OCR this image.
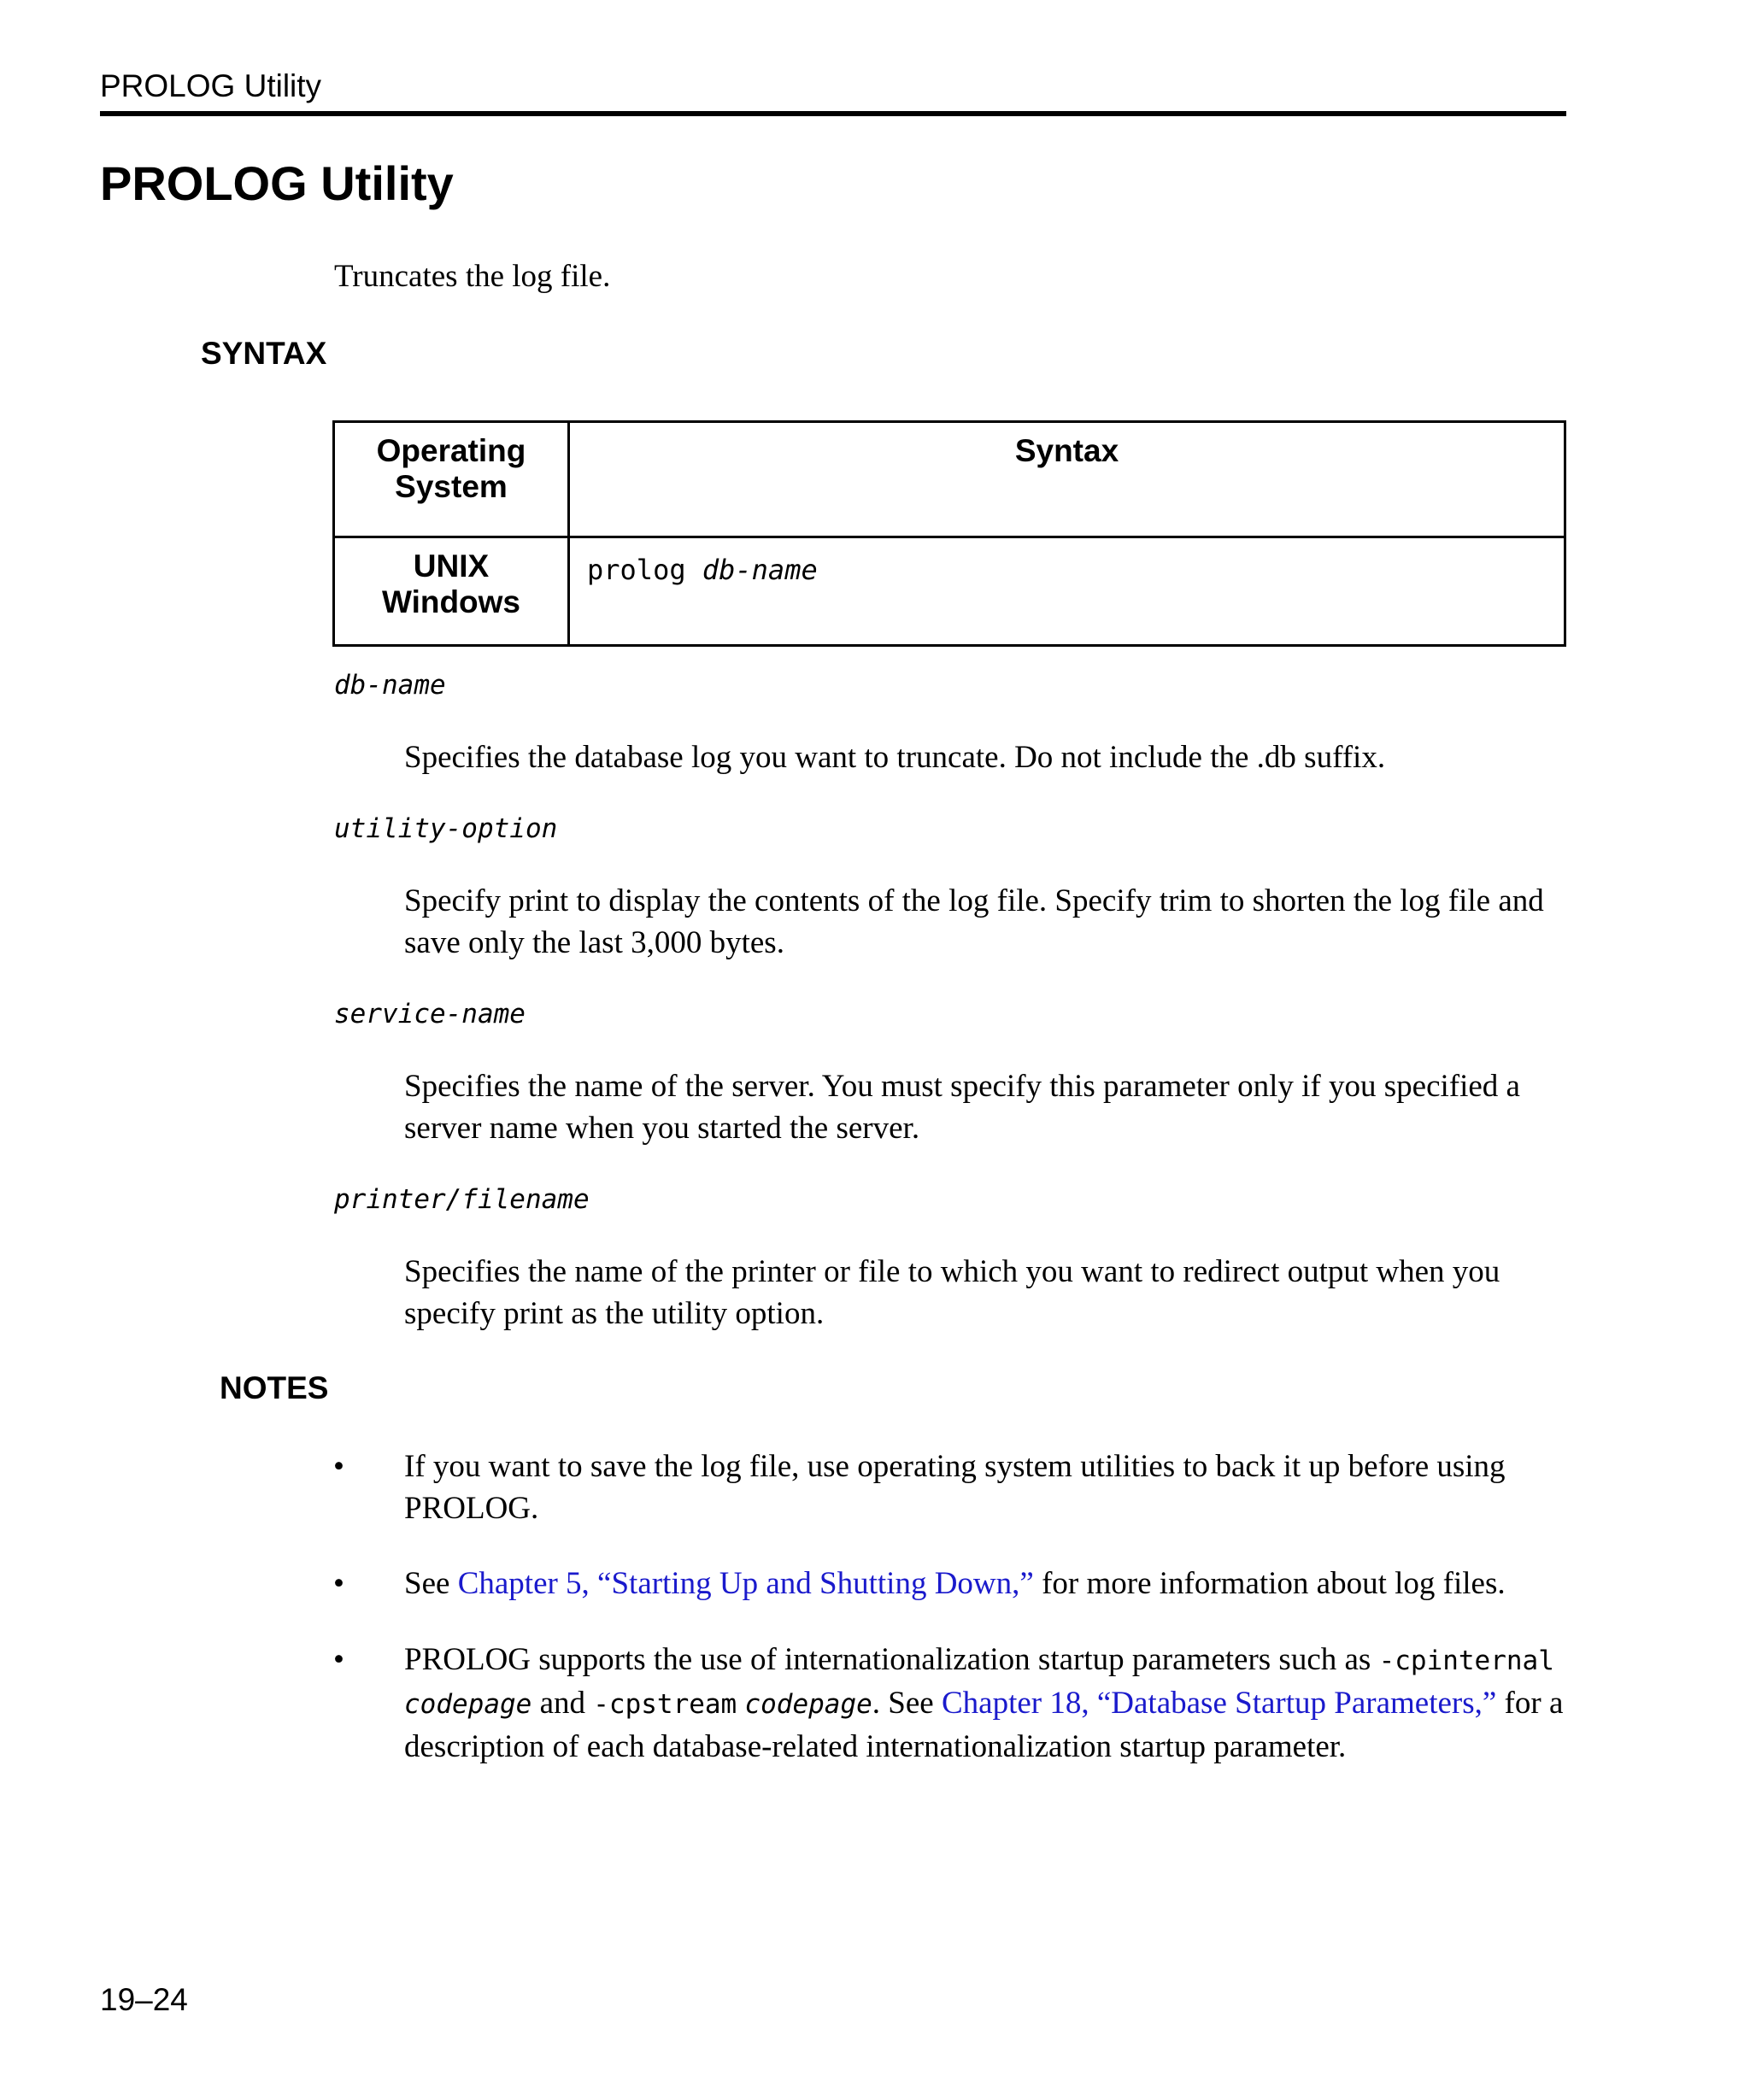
PROLOG Utility
PROLOG Utility
Truncates the log file.
SYNTAX
Operating
System	Syntax

UNIX
Windows	prolog db-name
db-name
Specifies the database log you want to truncate. Do not include the .db suffix.
utility-option
Specify print to display the contents of the log file. Specify trim to shorten the log file and save only the last 3,000 bytes.
service-name
Specifies the name of the server. You must specify this parameter only if you specified a server name when you started the server.
printer/filename
Specifies the name of the printer or file to which you want to redirect output when you specify print as the utility option.
NOTES
• If you want to save the log file, use operating system utilities to back it up before using PROLOG.
• See Chapter 5, “Starting Up and Shutting Down,” for more information about log files.
• PROLOG supports the use of internationalization startup parameters such as -cpinternal codepage and -cpstream codepage. See Chapter 18, “Database Startup Parameters,” for a description of each database-related internationalization startup parameter.
19–24
